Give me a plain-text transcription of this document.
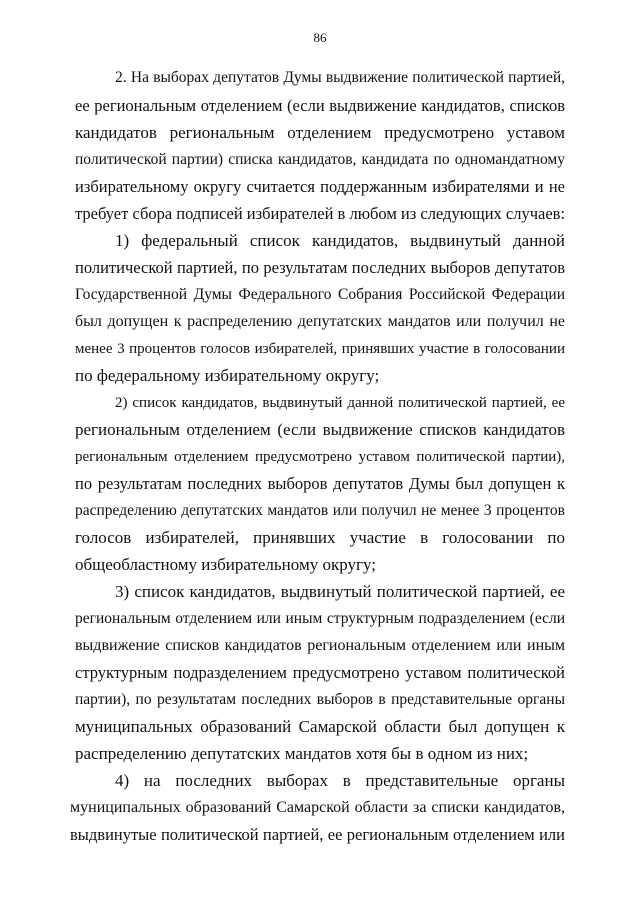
86
2. На выборах депутатов Думы выдвижение политической партией,
ее региональным отделением (если выдвижение кандидатов, списков
кандидатов региональным отделением предусмотрено уставом
политической партии) списка кандидатов, кандидата по одномандатному
избирательному округу считается поддержанным избирателями и не
требует сбора подписей избирателей в любом из следующих случаев:
1) федеральный список кандидатов, выдвинутый данной
политической партией, по результатам последних выборов депутатов
Государственной Думы Федерального Собрания Российской Федерации
был допущен к распределению депутатских мандатов или получил не
менее 3 процентов голосов избирателей, принявших участие в голосовании
по федеральному избирательному округу;
2) список кандидатов, выдвинутый данной политической партией, ее
региональным отделением (если выдвижение списков кандидатов
региональным отделением предусмотрено уставом политической партии),
по результатам последних выборов депутатов Думы был допущен к
распределению депутатских мандатов или получил не менее 3 процентов
голосов избирателей, принявших участие в голосовании по
общеобластному избирательному округу;
3) список кандидатов, выдвинутый политической партией, ее
региональным отделением или иным структурным подразделением (если
выдвижение списков кандидатов региональным отделением или иным
структурным подразделением предусмотрено уставом политической
партии), по результатам последних выборов в представительные органы
муниципальных образований Самарской области был допущен к
распределению депутатских мандатов хотя бы в одном из них;
4) на последних выборах в представительные органы
муниципальных образований Самарской области за списки кандидатов,
выдвинутые политической партией, ее региональным отделением или
